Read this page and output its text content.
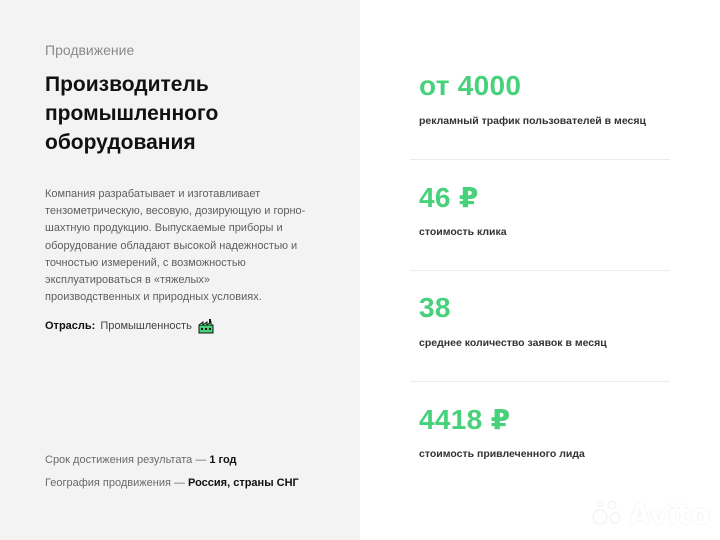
Продвижение
Производитель промышленного оборудования
Компания разрабатывает и изготавливает тензометрическую, весовую, дозирующую и горно-шахтную продукцию. Выпускаемые приборы и оборудование обладают высокой надежностью и точностью измерений, с возможностью эксплуатироваться в «тяжелых» производственных и природных условиях.
Отрасль: Промышленность
Срок достижения результата — 1 год
География продвижения — Россия, страны СНГ
от 4000
рекламный трафик пользователей в месяц
46 ₽
стоимость клика
38
среднее количество заявок в месяц
4418 ₽
стоимость привлеченного лида
Avito
